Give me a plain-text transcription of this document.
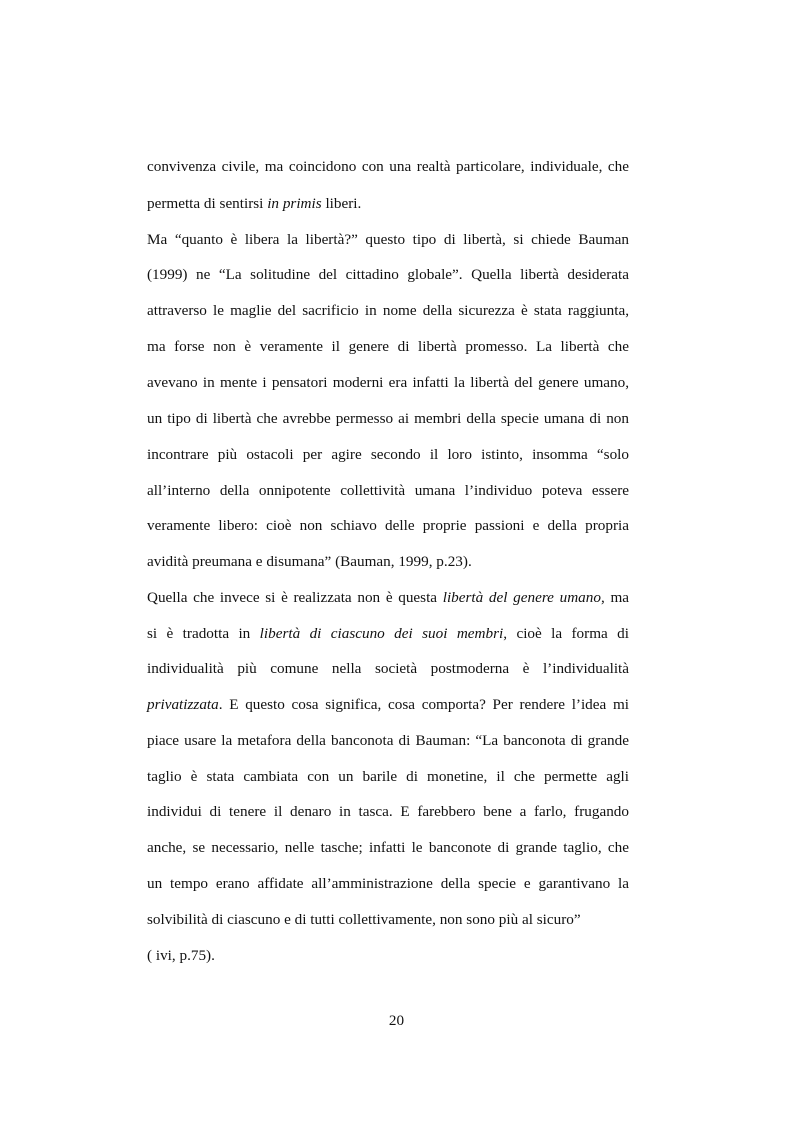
convivenza civile, ma coincidono con una realtà particolare, individuale, che
permetta di sentirsi in primis liberi.
Ma “quanto è libera la libertà?” questo tipo di libertà, si chiede Bauman
(1999) ne “La solitudine del cittadino globale”. Quella libertà desiderata
attraverso le maglie del sacrificio in nome della sicurezza è stata raggiunta,
ma forse non è veramente il genere di libertà promesso. La libertà che
avevano in mente i pensatori moderni era infatti la libertà del genere umano,
un tipo di libertà che avrebbe permesso ai membri della specie umana di non
incontrare più ostacoli per agire secondo il loro istinto, insomma “solo
all’interno della onnipotente collettività umana l’individuo poteva essere
veramente libero: cioè non schiavo delle proprie passioni e della propria
avidità preumana e disumana” (Bauman, 1999, p.23).
Quella che invece si è realizzata non è questa libertà del genere umano, ma
si è tradotta in libertà di ciascuno dei suoi membri, cioè la forma di
individualità più comune nella società postmoderna è l’individualità
privatizzata. E questo cosa significa, cosa comporta? Per rendere l’idea mi
piace usare la metafora della banconota di Bauman: “La banconota di grande
taglio è stata cambiata con un barile di monetine, il che permette agli
individui di tenere il denaro in tasca. E farebbero bene a farlo, frugando
anche, se necessario, nelle tasche; infatti le banconote di grande taglio, che
un tempo erano affidate all’amministrazione della specie e garantivano la
solvibilità di ciascuno e di tutti collettivamente, non sono più al sicuro”
( ivi, p.75).
20
